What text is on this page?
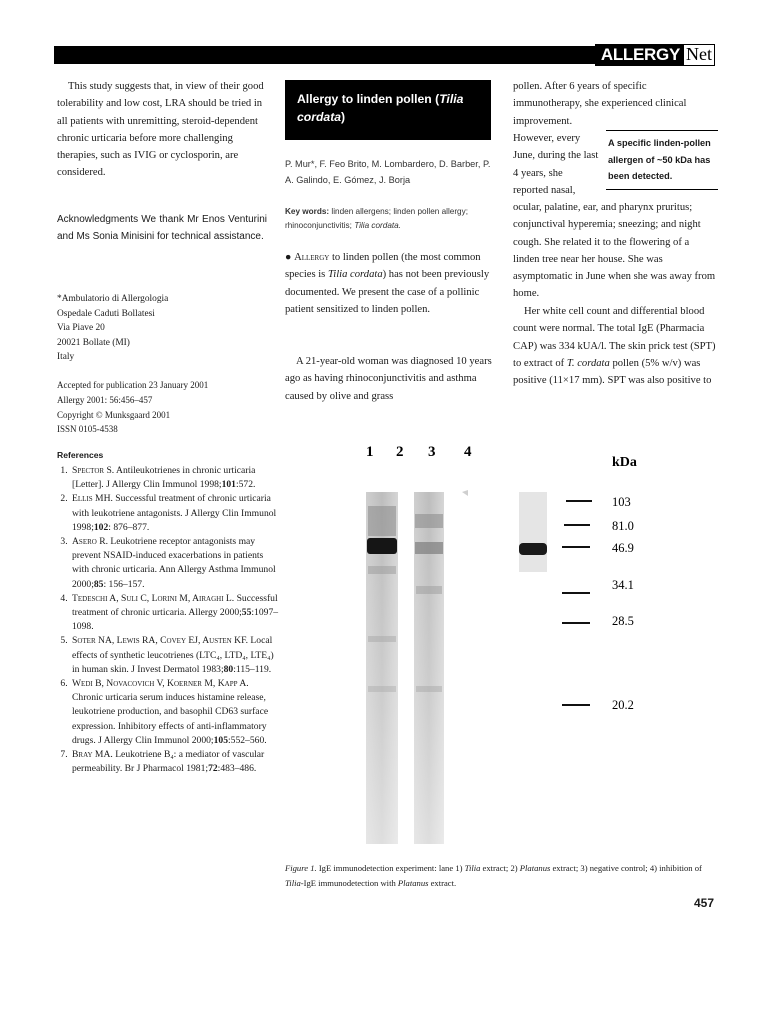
ALLERGY Net

This study suggests that, in view of their good tolerability and low cost, LRA should be tried in all patients with unremitting, steroid-dependent chronic urticaria before more challenging therapies, such as IVIG or cyclosporin, are considered.

Acknowledgments We thank Mr Enos Venturini and Ms Sonia Minisini for technical assistance.

*Ambulatorio di Allergologia
Ospedale Caduti Bollatesi
Via Piave 20
20021 Bollate (MI)
Italy
Accepted for publication 23 January 2001
Allergy 2001: 56:456–457
Copyright © Munksgaard 2001
ISSN 0105-4538
References
1. Spector S. Antileukotrienes in chronic urticaria [Letter]. J Allergy Clin Immunol 1998;101:572.
2. Ellis MH. Successful treatment of chronic urticaria with leukotriene antagonists. J Allergy Clin Immunol 1998;102: 876–877.
3. Asero R. Leukotriene receptor antagonists may prevent NSAID-induced exacerbations in patients with chronic urticaria. Ann Allergy Asthma Immunol 2000;85: 156–157.
4. Tedeschi A, Suli C, Lorini M, Airaghi L. Successful treatment of chronic urticaria. Allergy 2000;55:1097–1098.
5. Soter NA, Lewis RA, Covey EJ, Austen KF. Local effects of synthetic leucotrienes (LTC₄, LTD₄, LTE₄) in human skin. J Invest Dermatol 1983;80:115–119.
6. Wedi B, Novacovich V, Koerner M, Kapp A. Chronic urticaria serum induces histamine release, leukotriene production, and basophil CD63 surface expression. Inhibitory effects of anti-inflammatory drugs. J Allergy Clin Immunol 2000;105:552–560.
7. Bray MA. Leukotriene B₄: a mediator of vascular permeability. Br J Pharmacol 1981;72:483–486.
Allergy to linden pollen (Tilia cordata)

P. Mur*, F. Feo Brito, M. Lombardero, D. Barber, P. A. Galindo, E. Gómez, J. Borja

Key words: linden allergens; linden pollen allergy; rhinoconjunctivitis; Tilia cordata.

● Allergy to linden pollen (the most common species is Tilia cordata) has not been previously documented. We present the case of a pollinic patient sensitized to linden pollen.

A 21-year-old woman was diagnosed 10 years ago as having rhinoconjunctivitis and asthma caused by olive and grass

pollen. After 6 years of specific immunotherapy, she experienced clinical improvement.

However, every June, during the last 4 years, she reported nasal,

A specific linden-pollen allergen of ~50 kDa has been detected.

ocular, palatine, ear, and pharynx pruritus; conjunctival hyperemia; sneezing; and night cough. She related it to the flowering of a linden tree near her house. She was asymptomatic in June when she was away from home.

Her white cell count and differential blood count were normal. The total IgE (Pharmacia CAP) was 334 kUA/l. The skin prick test (SPT) to extract of T. cordata pollen (5% w/v) was positive (11×17 mm). SPT was also positive to

1 2 3 4
kDa
103
81.0
46.9
34.1
28.5
20.2

Figure 1. IgE immunodetection experiment: lane 1) Tilia extract; 2) Platanus extract; 3) negative control; 4) inhibition of Tilia-IgE immunodetection with Platanus extract.

457
